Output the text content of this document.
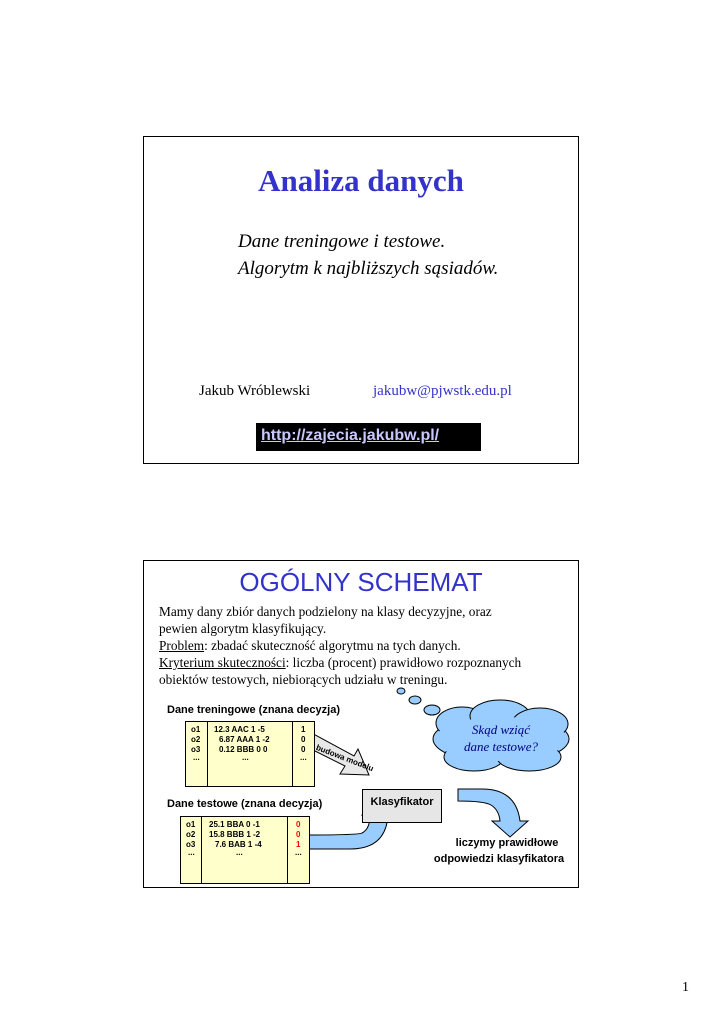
Analiza danych
Dane treningowe i testowe.
Algorytm k najbliższych sąsiadów.
Jakub Wróblewski	jakubw@pjwstk.edu.pl
http://zajecia.jakubw.pl/
OGÓLNY SCHEMAT

Mamy dany zbiór danych podzielony na klasy decyzyjne, oraz

pewien algorytm klasyfikujący.

Problem: zbadać skuteczność algorytmu na tych danych.

Kryterium skuteczności: liczba (procent) prawidłowo rozpoznanych

obiektów testowych, niebiorących udziału w treningu.

Skąd wziąć
dane testowe?
budowa modelu
Dane treningowe (znana decyzja)
Dane testowe (znana decyzja)
o1
o2
o3
...
12.3 AAC 1 -5
6.87 AAA 1 -2
0.12 BBB 0 0
...
1
0
0
...
o1
o2
o3
...
25.1 BBA 0 -1
15.8 BBB 1 -2
7.6 BAB 1 -4
...
0
0
1
...
Klasyfikator
liczymy prawidłowe
odpowiedzi klasyfikatora
1
